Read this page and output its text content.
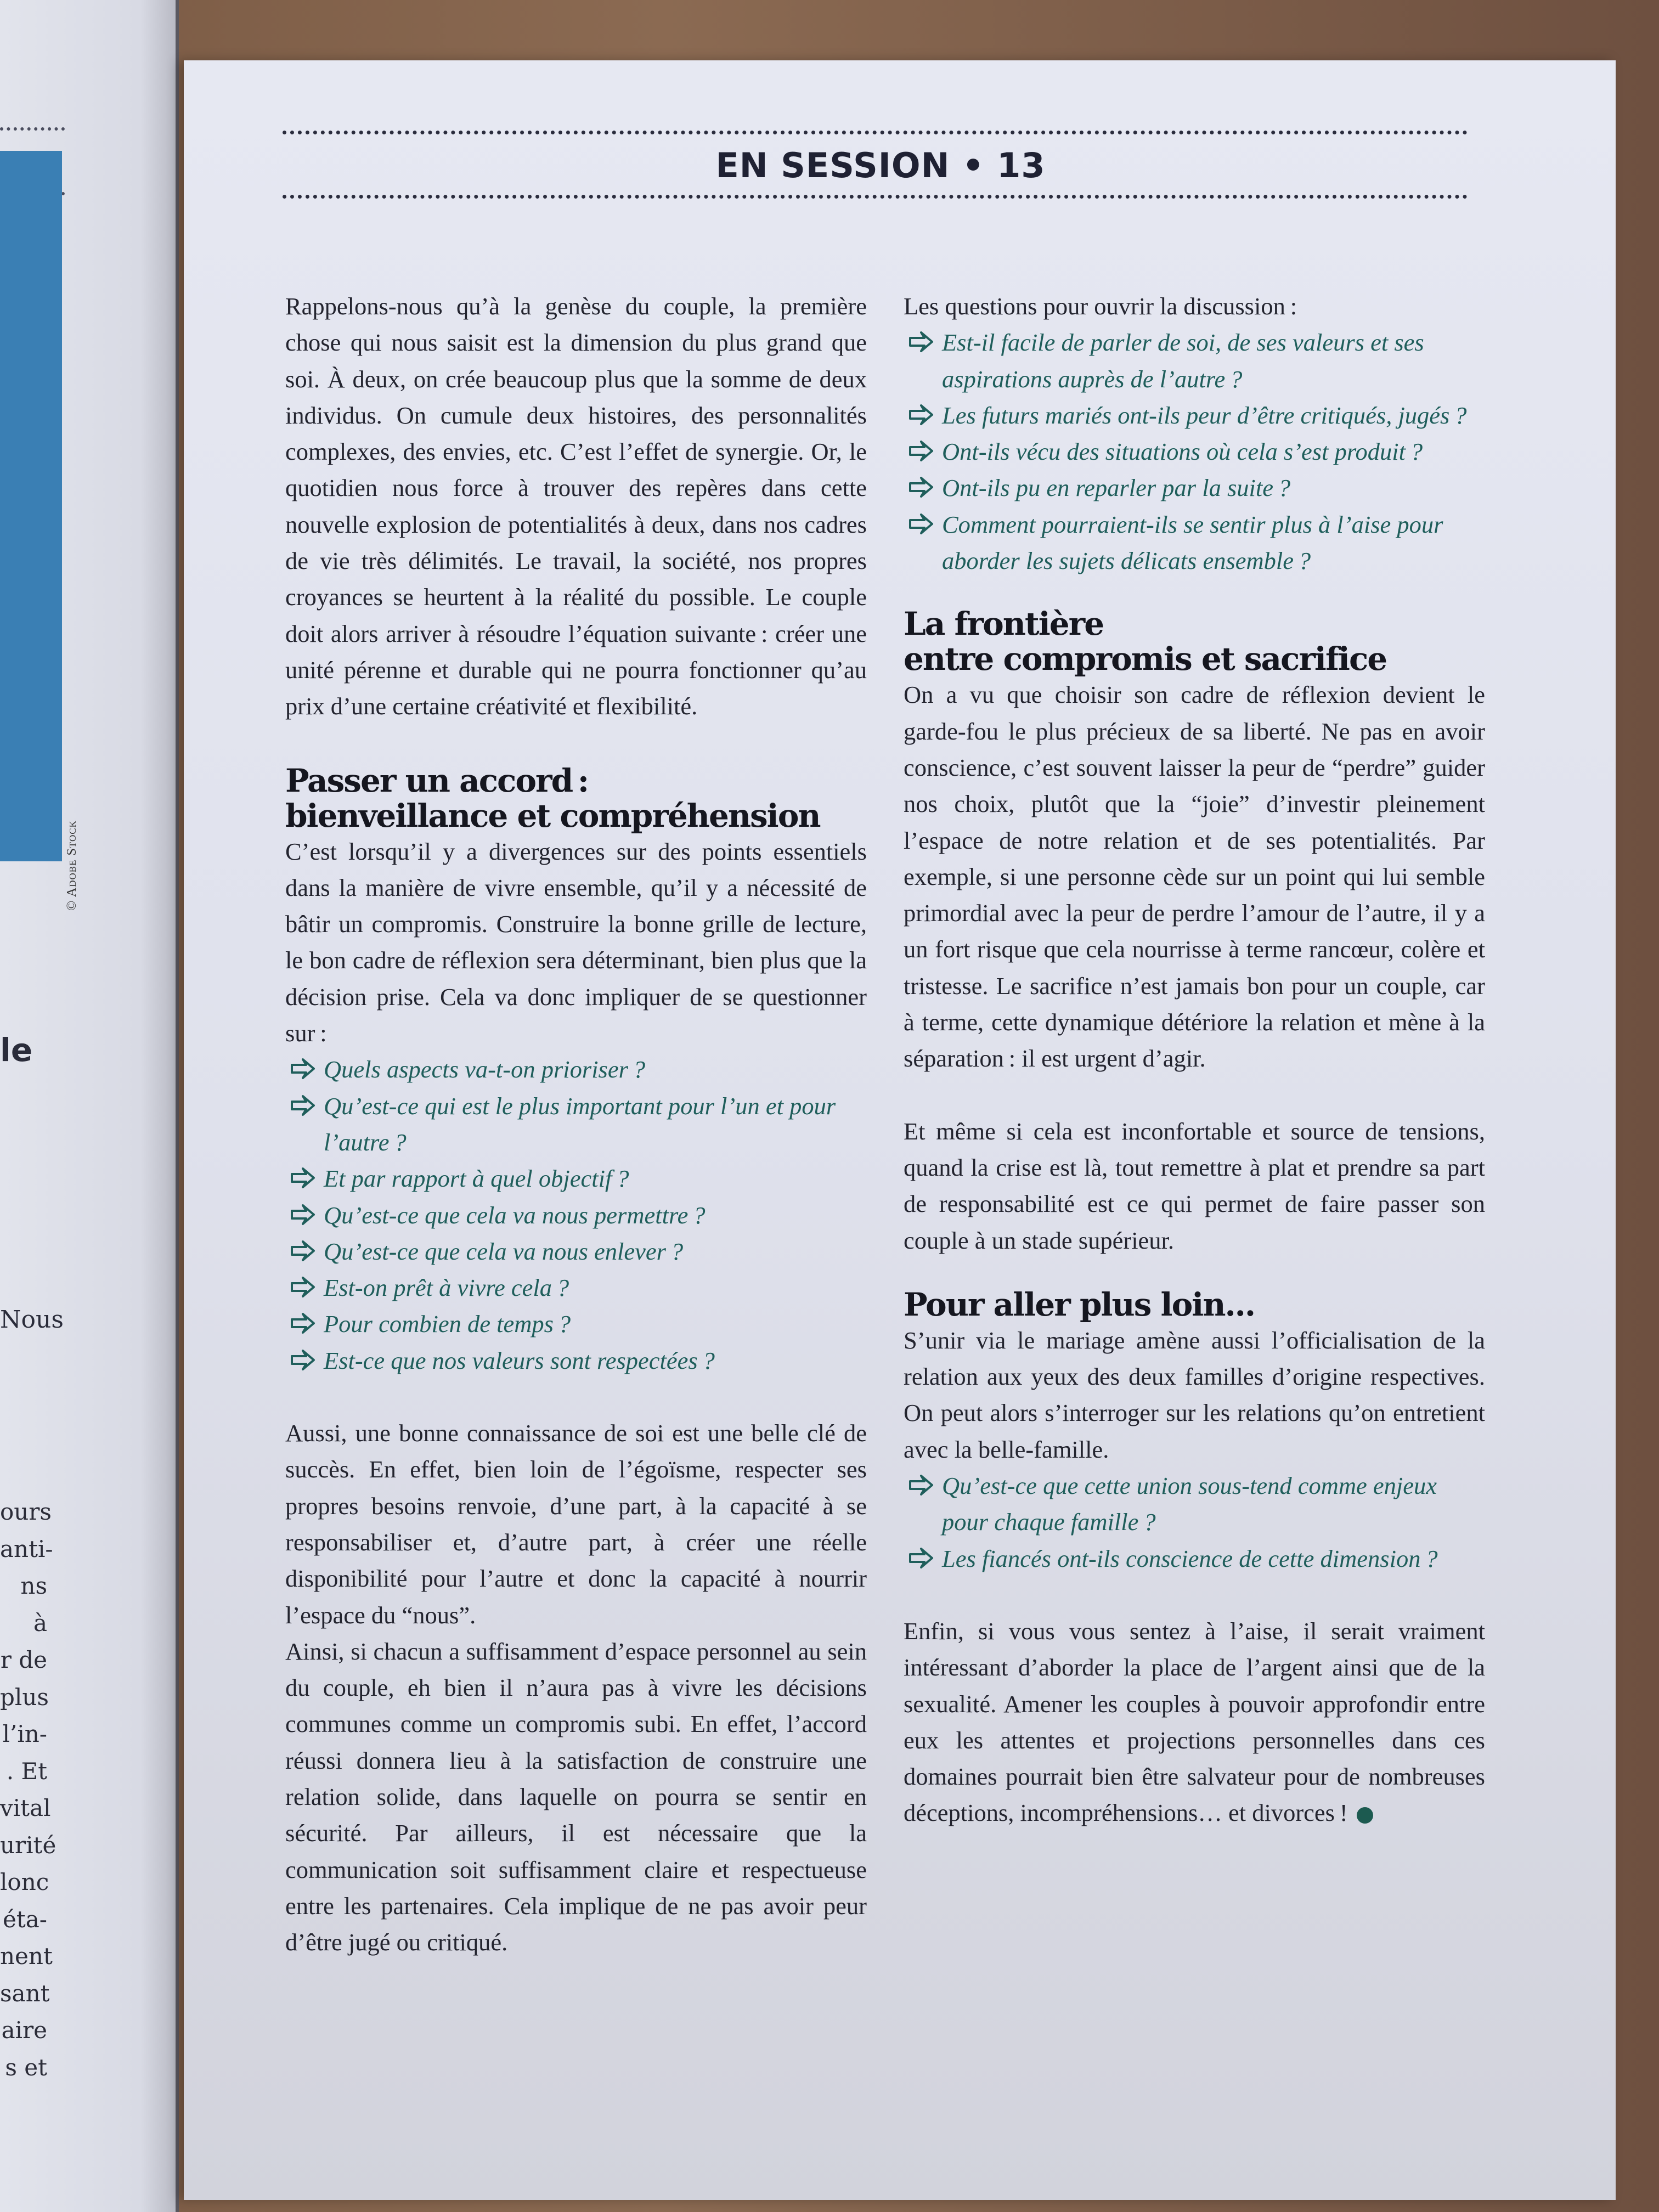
© Adobe Stock
le
Nous
ours
anti-
ns à
r de
plus
l’in-
. Et
vital
urité
lonc
éta-
nent
sant
aire
s et
EN SESSION • 13

Rappelons-nous qu’à la genèse du couple, la première chose qui nous saisit est la dimension du plus grand que soi. À deux, on crée beaucoup plus que la somme de deux individus. On cumule deux histoires, des personnalités complexes, des envies, etc. C’est l’effet de synergie. Or, le quotidien nous force à trouver des repères dans cette nouvelle explosion de potentialités à deux, dans nos cadres de vie très délimités. Le travail, la société, nos propres croyances se heurtent à la réalité du possible. Le couple doit alors arriver à résoudre l’équation suivante : créer une unité pérenne et durable qui ne pourra fonctionner qu’au prix d’une certaine créativité et flexibilité.

Passer un accord :
bienveillance et compréhension

C’est lorsqu’il y a divergences sur des points essentiels dans la manière de vivre ensemble, qu’il y a nécessité de bâtir un compromis. Construire la bonne grille de lecture, le bon cadre de réflexion sera déterminant, bien plus que la décision prise. Cela va donc impliquer de se questionner sur :

Quels aspects va-t-on prioriser ?
Qu’est-ce qui est le plus important pour l’un et pour l’autre ?
Et par rapport à quel objectif ?
Qu’est-ce que cela va nous permettre ?
Qu’est-ce que cela va nous enlever ?
Est-on prêt à vivre cela ?
Pour combien de temps ?
Est-ce que nos valeurs sont respectées ?

Aussi, une bonne connaissance de soi est une belle clé de succès. En effet, bien loin de l’égoïsme, respecter ses propres besoins renvoie, d’une part, à la capacité à se responsabiliser et, d’autre part, à créer une réelle disponibilité pour l’autre et donc la capacité à nourrir l’espace du “nous”.

Ainsi, si chacun a suffisamment d’espace personnel au sein du couple, eh bien il n’aura pas à vivre les décisions communes comme un compromis subi. En effet, l’accord réussi donnera lieu à la satisfaction de construire une relation solide, dans laquelle on pourra se sentir en sécurité. Par ailleurs, il est nécessaire que la communication soit suffisamment claire et respectueuse entre les partenaires. Cela implique de ne pas avoir peur d’être jugé ou critiqué.

Les questions pour ouvrir la discussion :

Est-il facile de parler de soi, de ses valeurs et ses aspirations auprès de l’autre ?
Les futurs mariés ont-ils peur d’être critiqués, jugés ?
Ont-ils vécu des situations où cela s’est produit ?
Ont-ils pu en reparler par la suite ?
Comment pourraient-ils se sentir plus à l’aise pour aborder les sujets délicats ensemble ?
La frontière
entre compromis et sacrifice

On a vu que choisir son cadre de réflexion devient le garde-fou le plus précieux de sa liberté. Ne pas en avoir conscience, c’est souvent laisser la peur de “perdre” guider nos choix, plutôt que la “joie” d’investir pleinement l’espace de notre relation et de ses potentialités. Par exemple, si une personne cède sur un point qui lui semble primordial avec la peur de perdre l’amour de l’autre, il y a un fort risque que cela nourrisse à terme rancœur, colère et tristesse. Le sacrifice n’est jamais bon pour un couple, car à terme, cette dynamique détériore la relation et mène à la séparation : il est urgent d’agir.

Et même si cela est inconfortable et source de tensions, quand la crise est là, tout remettre à plat et prendre sa part de responsabilité est ce qui permet de faire passer son couple à un stade supérieur.

Pour aller plus loin...

S’unir via le mariage amène aussi l’officialisation de la relation aux yeux des deux familles d’origine respectives. On peut alors s’interroger sur les relations qu’on entretient avec la belle-famille.

Qu’est-ce que cette union sous-tend comme enjeux pour chaque famille ?
Les fiancés ont-ils conscience de cette dimension ?

Enfin, si vous vous sentez à l’aise, il serait vraiment intéressant d’aborder la place de l’argent ainsi que de la sexualité. Amener les couples à pouvoir approfondir entre eux les attentes et projections personnelles dans ces domaines pourrait bien être salvateur pour de nombreuses déceptions, incompréhensions… et divorces !
